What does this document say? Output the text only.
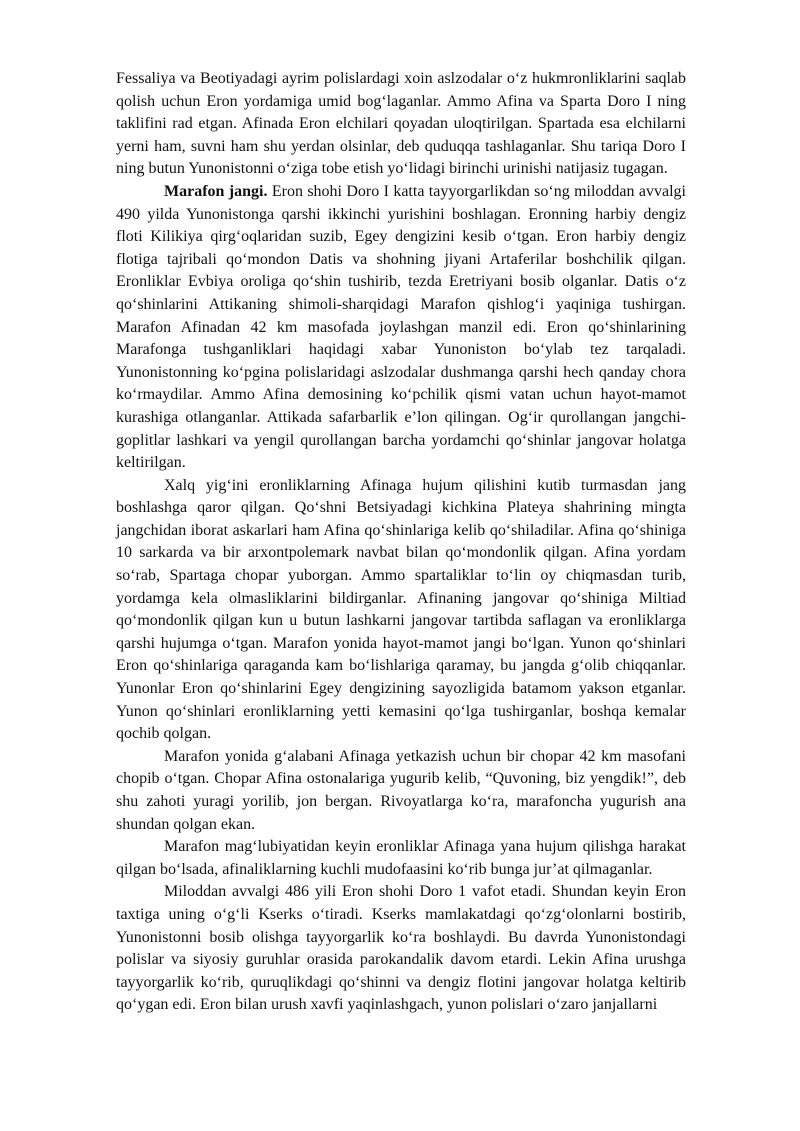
Fessaliya va Beotiyadagi ayrim polislardagi xoin aslzodalar o‘z hukmronliklarini saqlab qolish uchun Eron yordamiga umid bog‘laganlar. Ammo Afina va Sparta Doro I ning taklifini rad etgan. Afinada Eron elchilari qoyadan uloqtirilgan. Spartada esa elchilarni yerni ham, suvni ham shu yerdan olsinlar, deb quduqqa tashlaganlar. Shu tariqa Doro I ning butun Yunonistonni o‘ziga tobe etish yo‘lidagi birinchi urinishi natijasiz tugagan.

Marafon jangi. Eron shohi Doro I katta tayyorgarlikdan so‘ng miloddan avvalgi 490 yilda Yunonistonga qarshi ikkinchi yurishini boshlagan. Eronning harbiy dengiz floti Kilikiya qirg‘oqlaridan suzib, Egey dengizini kesib o‘tgan. Eron harbiy dengiz flotiga tajribali qo‘mondon Datis va shohning jiyani Artaferilar boshchilik qilgan. Eronliklar Evbiya oroliga qo‘shin tushirib, tezda Eretriyani bosib olganlar. Datis o‘z qo‘shinlarini Attikaning shimoli-sharqidagi Marafon qishlog‘i yaqiniga tushirgan. Marafon Afinadan 42 km masofada joylashgan manzil edi. Eron qo‘shinlarining Marafonga tushganliklari haqidagi xabar Yunoniston bo‘ylab tez tarqaladi. Yunonistonning ko‘pgina polislaridagi aslzodalar dushmanga qarshi hech qanday chora ko‘rmaydilar. Ammo Afina demosining ko‘pchilik qismi vatan uchun hayot-mamot kurashiga otlanganlar. Attikada safarbarlik e’lon qilingan. Og‘ir qurollangan jangchi-goplitlar lashkari va yengil qurollangan barcha yordamchi qo‘shinlar jangovar holatga keltirilgan.

Xalq yig‘ini eronliklarning Afinaga hujum qilishini kutib turmasdan jang boshlashga qaror qilgan. Qo‘shni Betsiyadagi kichkina Plateya shahrining mingta jangchidan iborat askarlari ham Afina qo‘shinlariga kelib qo‘shiladilar. Afina qo‘shiniga 10 sarkarda va bir arxontpolemark navbat bilan qo‘mondonlik qilgan. Afina yordam so‘rab, Spartaga chopar yuborgan. Ammo spartaliklar to‘lin oy chiqmasdan turib, yordamga kela olmasliklarini bildirganlar. Afinaning jangovar qo‘shiniga Miltiad qo‘mondonlik qilgan kun u butun lashkarni jangovar tartibda saflagan va eronliklarga qarshi hujumga o‘tgan. Marafon yonida hayot-mamot jangi bo‘lgan. Yunon qo‘shinlari Eron qo‘shinlariga qaraganda kam bo‘lishlariga qaramay, bu jangda g‘olib chiqqanlar. Yunonlar Eron qo‘shinlarini Egey dengizining sayozligida batamom yakson etganlar. Yunon qo‘shinlari eronliklarning yetti kemasini qo‘lga tushirganlar, boshqa kemalar qochib qolgan.

Marafon yonida g‘alabani Afinaga yetkazish uchun bir chopar 42 km masofani chopib o‘tgan. Chopar Afina ostonalariga yugurib kelib, “Quvoning, biz yengdik!”, deb shu zahoti yuragi yorilib, jon bergan. Rivoyatlarga ko‘ra, marafoncha yugurish ana shundan qolgan ekan.

Marafon mag‘lubiyatidan keyin eronliklar Afinaga yana hujum qilishga harakat qilgan bo‘lsada, afinaliklarning kuchli mudofaasini ko‘rib bunga jur’at qilmaganlar.

Miloddan avvalgi 486 yili Eron shohi Doro 1 vafot etadi. Shundan keyin Eron taxtiga uning o‘g‘li Kserks o‘tiradi. Kserks mamlakatdagi qo‘zg‘olonlarni bostirib, Yunonistonni bosib olishga tayyorgarlik ko‘ra boshlaydi. Bu davrda Yunonistondagi polislar va siyosiy guruhlar orasida parokandalik davom etardi. Lekin Afina urushga tayyorgarlik ko‘rib, quruqlikdagi qo‘shinni va dengiz flotini jangovar holatga keltirib qo‘ygan edi. Eron bilan urush xavfi yaqinlashgach, yunon polislari o‘zaro janjallarni
